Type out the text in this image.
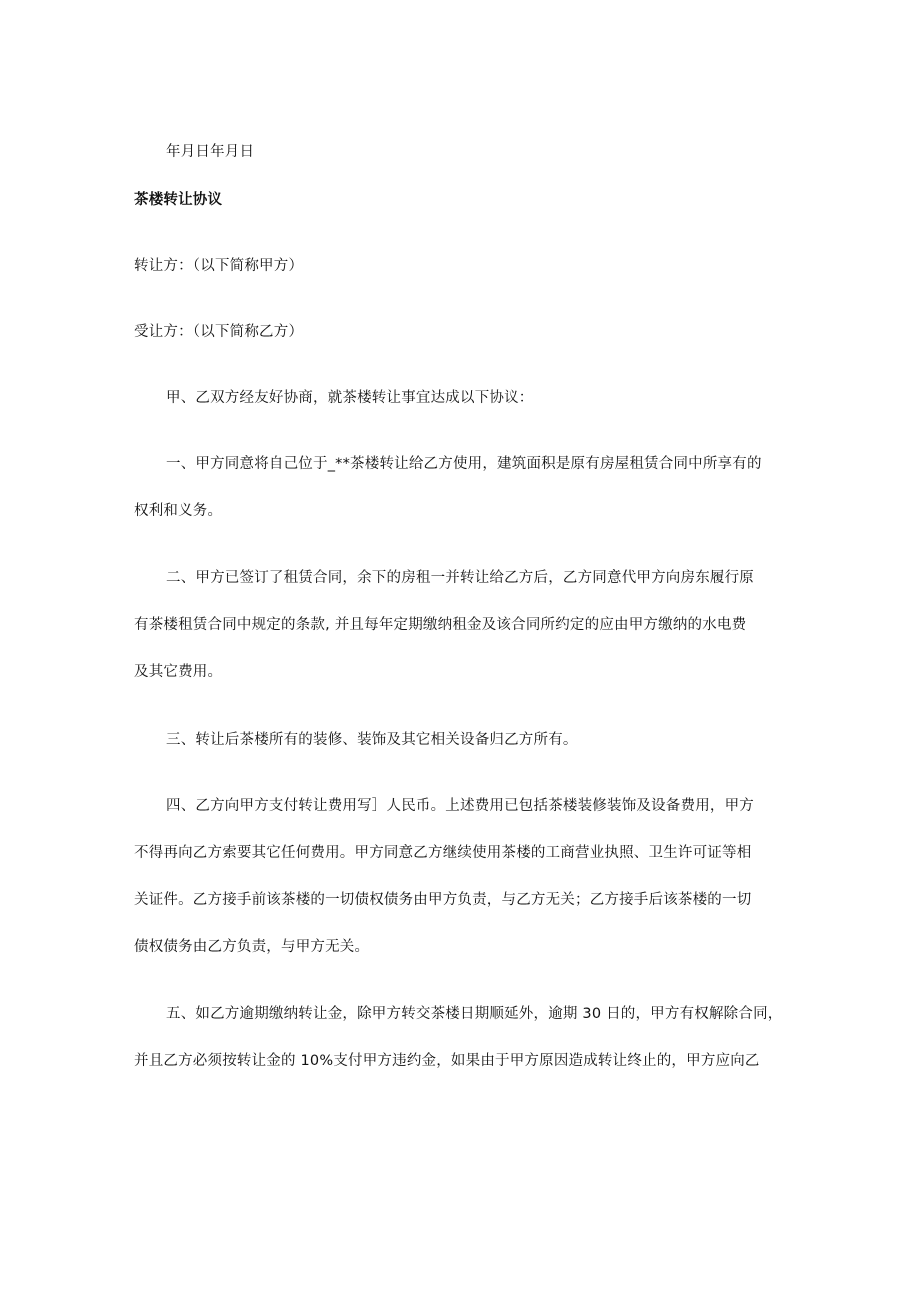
年月日年月日
茶楼转让协议
转让方：（以下简称甲方）
受让方：（以下简称乙方）
甲、乙双方经友好协商，就茶楼转让事宜达成以下协议：
一、甲方同意将自己位于_**茶楼转让给乙方使用，建筑面积是原有房屋租赁合同中所享有的
权利和义务。
二、甲方已签订了租赁合同，余下的房租一并转让给乙方后，乙方同意代甲方向房东履行原
有茶楼租赁合同中规定的条款, 并且每年定期缴纳租金及该合同所约定的应由甲方缴纳的水电费
及其它费用。
三、转让后茶楼所有的装修、装饰及其它相关设备归乙方所有。
四、乙方向甲方支付转让费用写］人民币。上述费用已包括茶楼装修装饰及设备费用，甲方
不得再向乙方索要其它任何费用。甲方同意乙方继续使用茶楼的工商营业执照、卫生许可证等相
关证件。乙方接手前该茶楼的一切债权债务由甲方负责，与乙方无关；乙方接手后该茶楼的一切
债权债务由乙方负责，与甲方无关。
五、如乙方逾期缴纳转让金，除甲方转交茶楼日期顺延外，逾期 30 日的，甲方有权解除合同，
并且乙方必须按转让金的 10%支付甲方违约金，如果由于甲方原因造成转让终止的，甲方应向乙
